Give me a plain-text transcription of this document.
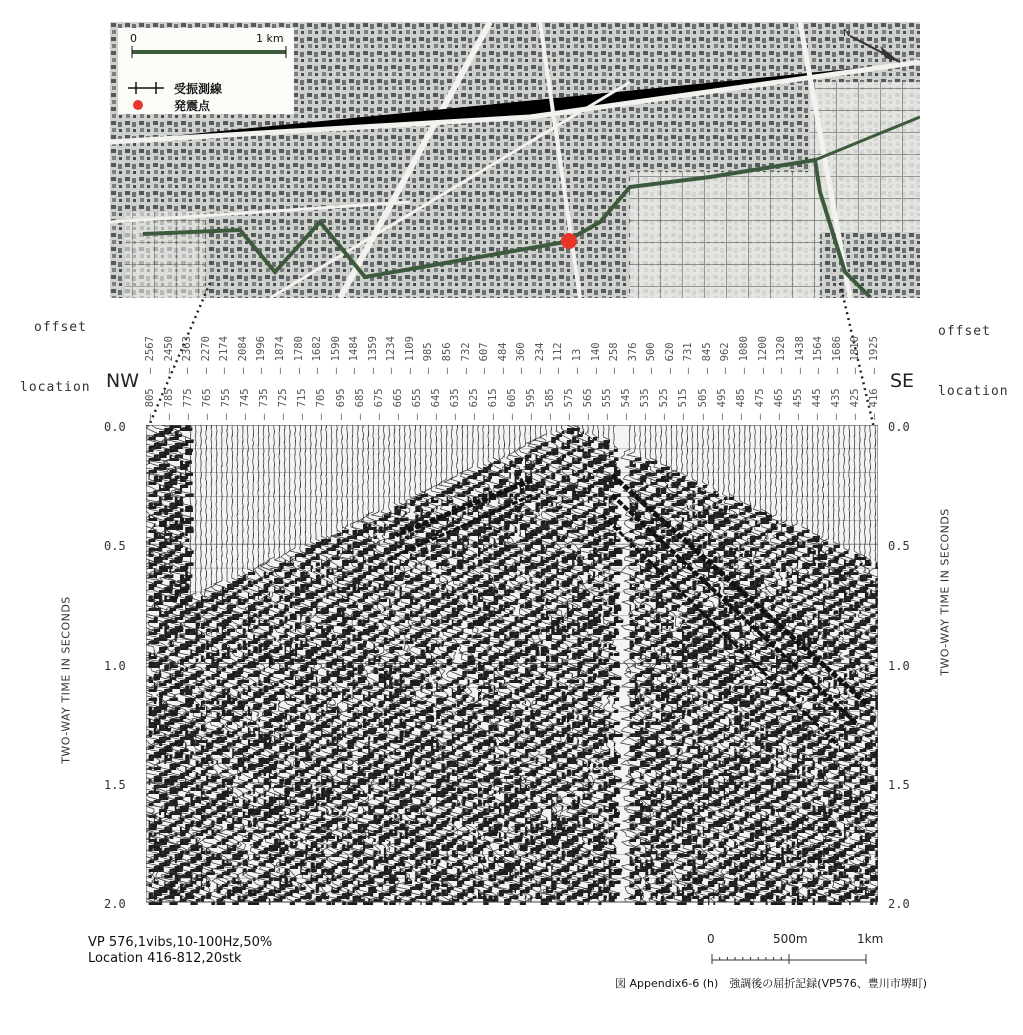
N
0	1 km
受振測線
発震点
offset
location
offset
location
NW	SE
— 2567 — 2450 — 2363 — 2270 — 2174 — 2084 — 1996 — 1874 — 1780 — 1682 — 1590 — 1484 — 1359 — 1234 — 1109 — 985 — 856 — 732 — 607 — 484 — 360 — 234 — 112 — 13 — 140 — 258 — 376 — 500 — 620 — 731 — 845 — 962 — 1080 — 1200 — 1320 — 1438 — 1564 — 1686 — 1810 — 1925
— 805 — 785 — 775 — 765 — 755 — 745 — 735 — 725 — 715 — 705 — 695 — 685 — 675 — 665 — 655 — 645 — 635 — 625 — 615 — 605 — 595 — 585 — 575 — 565 — 555 — 545 — 535 — 525 — 515 — 505 — 495 — 485 — 475 — 465 — 455 — 445 — 435 — 425 — 416
0.0
0.5
1.0
1.5
2.0
0.0
0.5
1.0
1.5
2.0
TWO-WAY TIME IN SECONDS
TWO-WAY TIME IN SECONDS
VP 576,1vibs,10-100Hz,50%
Location 416-812,20stk
0	500m	1km
図 Appendix6-6 (h)　強調後の屈折記録(VP576、豊川市堺町)
